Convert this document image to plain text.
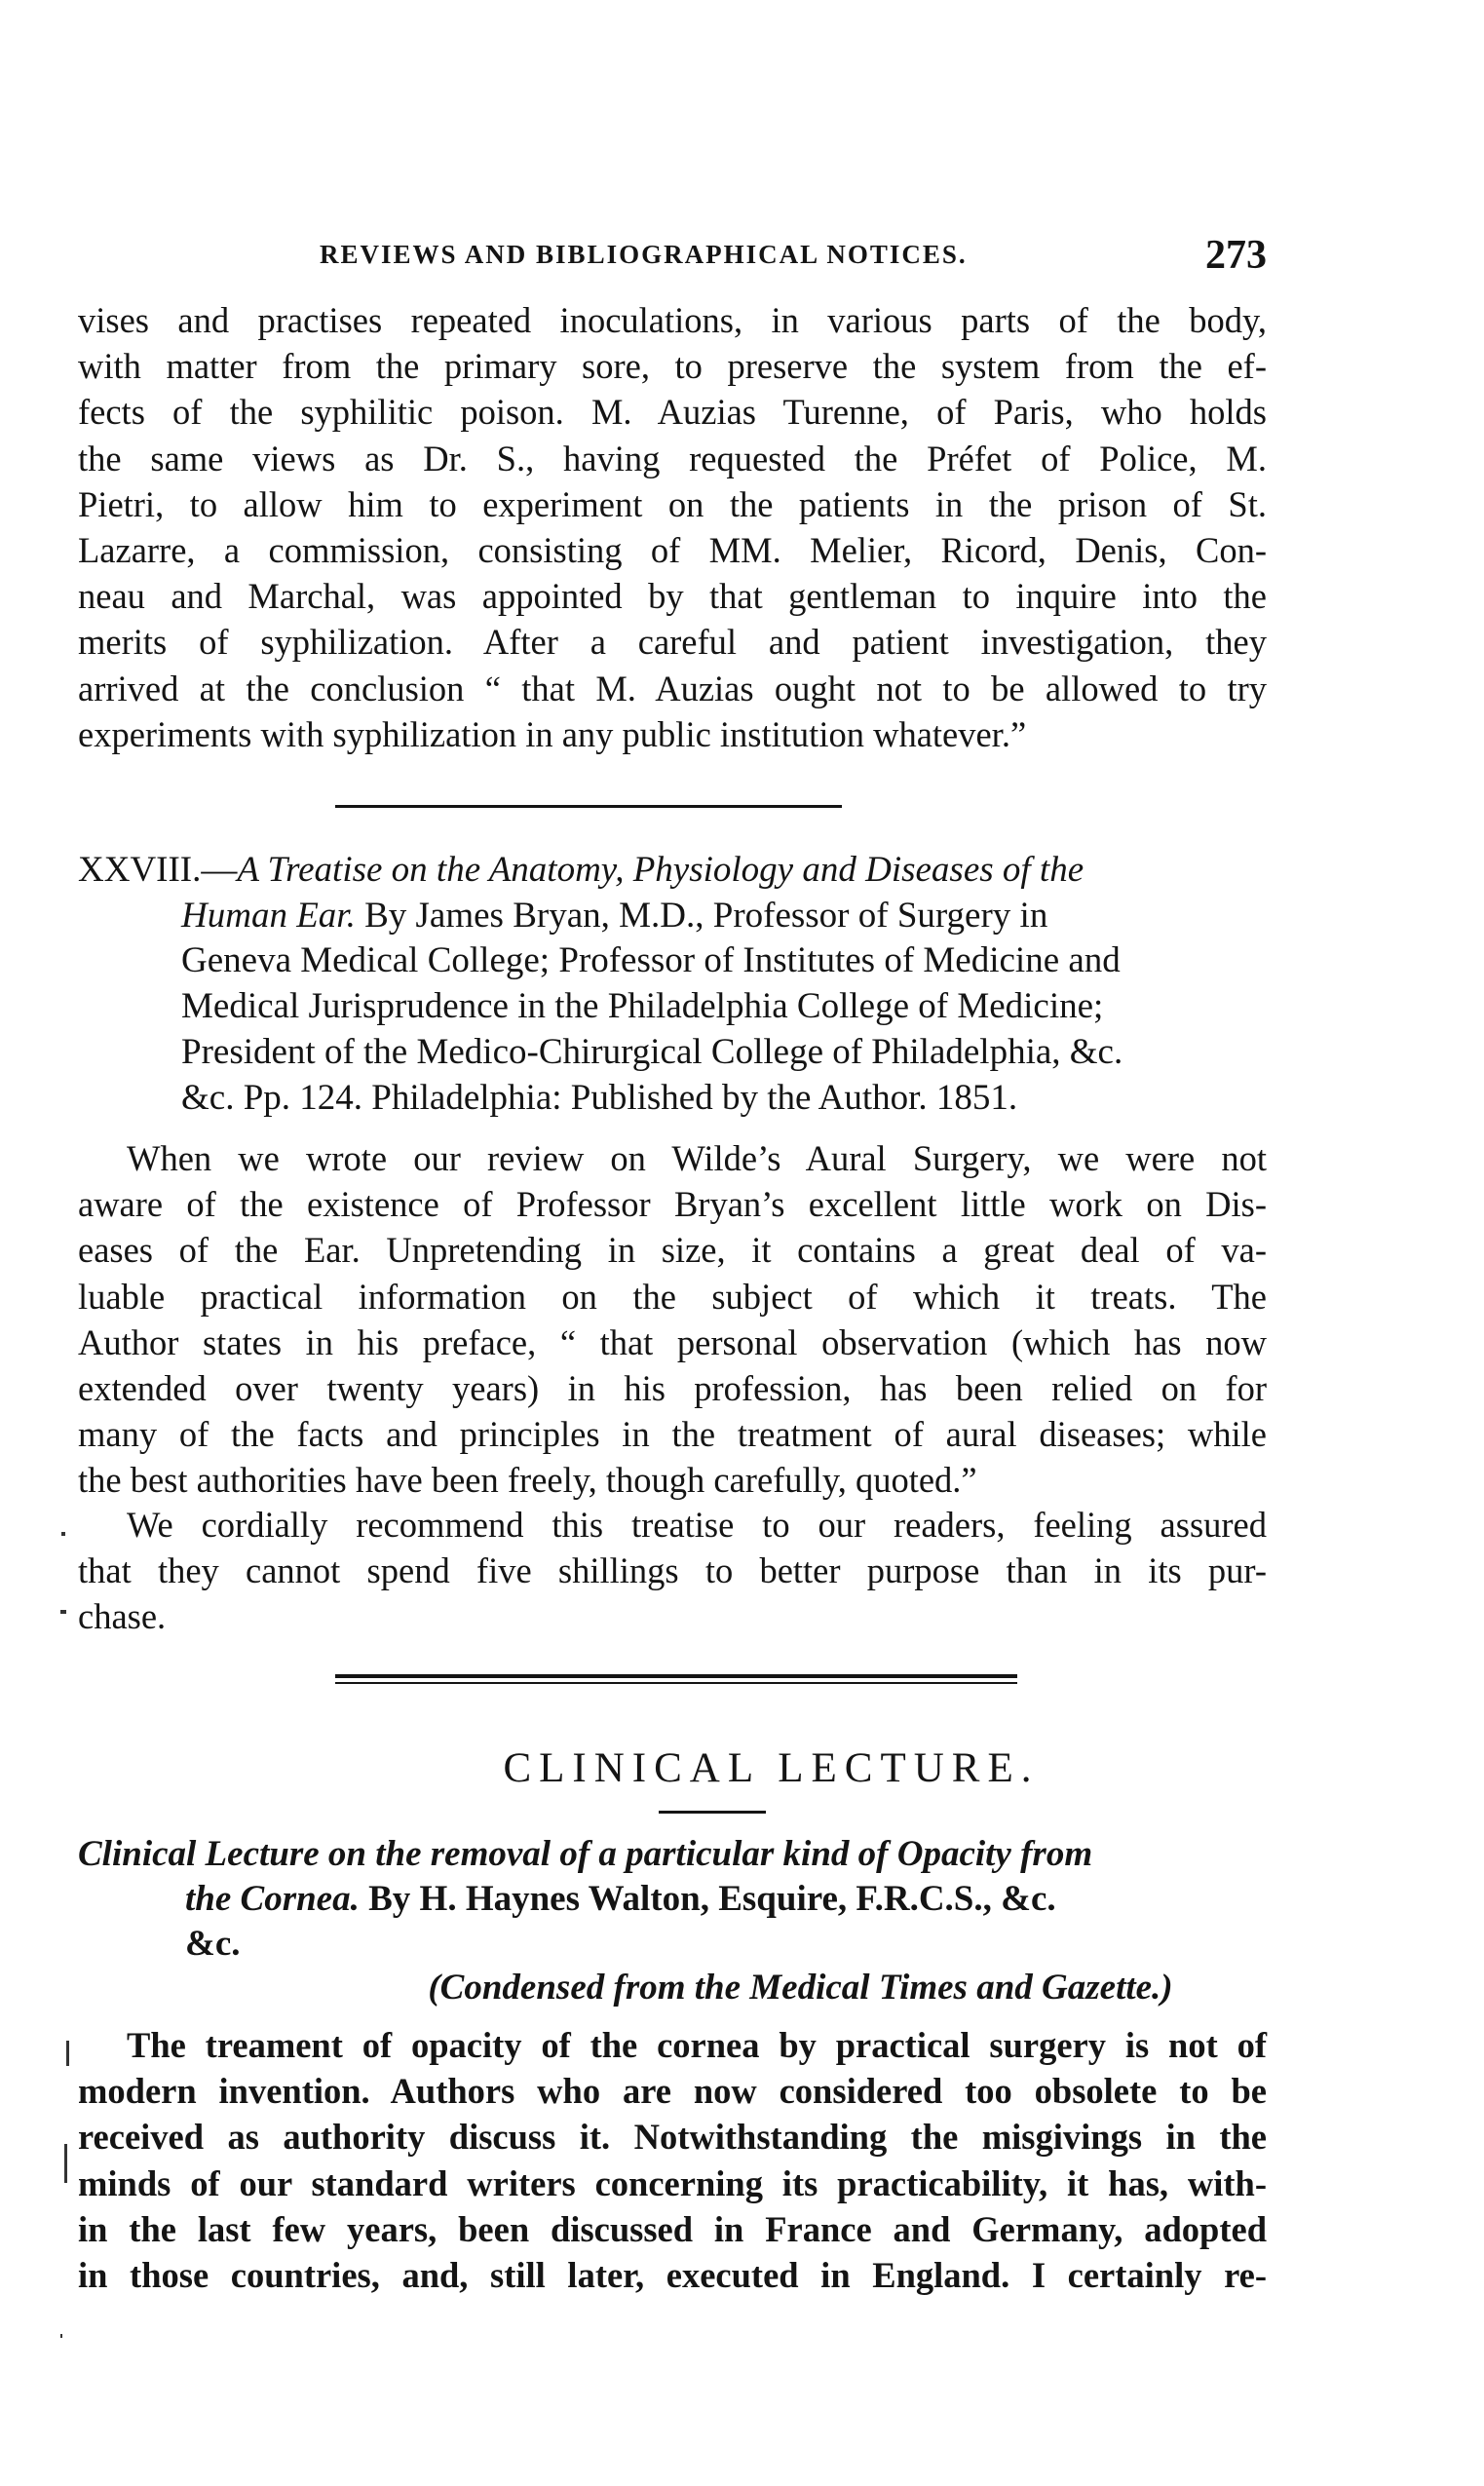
REVIEWS AND BIBLIOGRAPHICAL NOTICES.	273

vises and practises repeated inoculations, in various parts of the body,
with matter from the primary sore, to preserve the system from the ef-
fects of the syphilitic poison. M. Auzias Turenne, of Paris, who holds
the same views as Dr. S., having requested the Préfet of Police, M.
Pietri, to allow him to experiment on the patients in the prison of St.
Lazarre, a commission, consisting of MM. Melier, Ricord, Denis, Con-
neau and Marchal, was appointed by that gentleman to inquire into the
merits of syphilization. After a careful and patient investigation, they
arrived at the conclusion “ that M. Auzias ought not to be allowed to try

experiments with syphilization in any public institution whatever.”

XXVIII.—A Treatise on the Anatomy, Physiology and Diseases of the
Human Ear. By James Bryan, M.D., Professor of Surgery in
Geneva Medical College; Professor of Institutes of Medicine and
Medical Jurisprudence in the Philadelphia College of Medicine;
President of the Medico-Chirurgical College of Philadelphia, &c.
&c. Pp. 124. Philadelphia: Published by the Author. 1851.

When we wrote our review on Wilde’s Aural Surgery, we were not
aware of the existence of Professor Bryan’s excellent little work on Dis-
eases of the Ear. Unpretending in size, it contains a great deal of va-
luable practical information on the subject of which it treats. The
Author states in his preface, “ that personal observation (which has now
extended over twenty years) in his profession, has been relied on for
many of the facts and principles in the treatment of aural diseases; while

the best authorities have been freely, though carefully, quoted.”

We cordially recommend this treatise to our readers, feeling assured
that they cannot spend five shillings to better purpose than in its pur-

chase.

CLINICAL LECTURE.
Clinical Lecture on the removal of a particular kind of Opacity from
the Cornea. By H. Haynes Walton, Esquire, F.R.C.S., &c.
&c.
(Condensed from the Medical Times and Gazette.)

The treament of opacity of the cornea by practical surgery is not of
modern invention. Authors who are now considered too obsolete to be
received as authority discuss it. Notwithstanding the misgivings in the
minds of our standard writers concerning its practicability, it has, with-
in the last few years, been discussed in France and Germany, adopted
in those countries, and, still later, executed in England. I certainly re-
